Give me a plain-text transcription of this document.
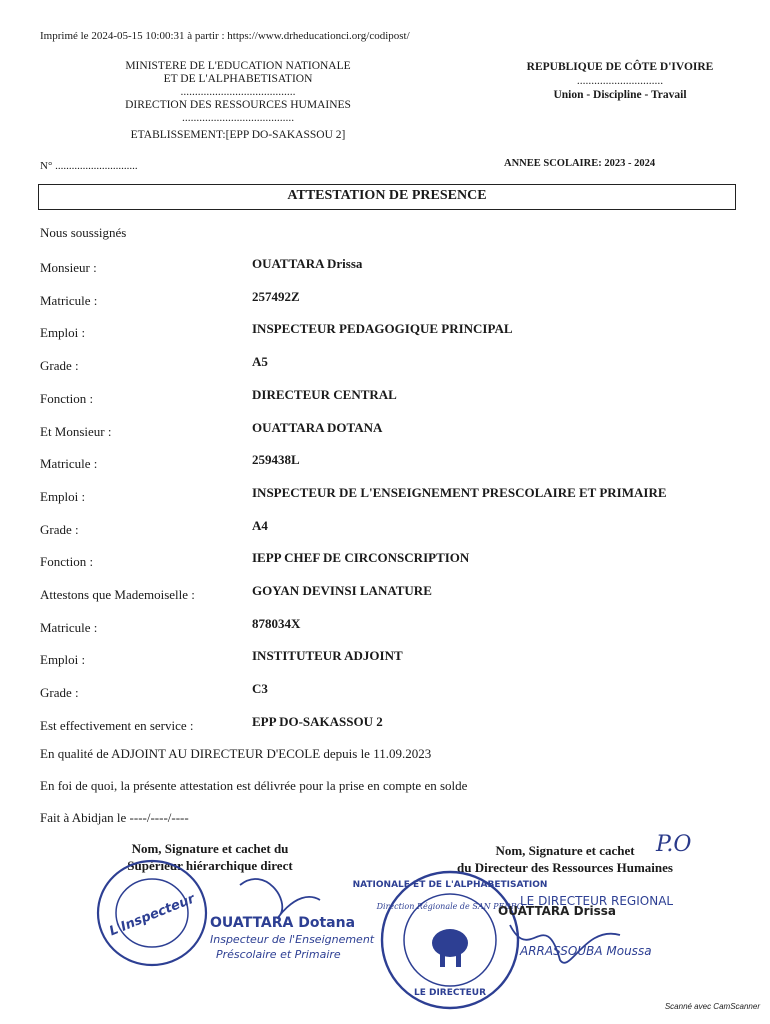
Imprimé le 2024-05-15 10:00:31 à partir : https://www.drheducationci.org/codipost/
MINISTERE DE L'EDUCATION NATIONALE
ET DE L'ALPHABETISATION
........................................
DIRECTION DES RESSOURCES HUMAINES
.......................................
ETABLISSEMENT:[EPP DO-SAKASSOU 2]
REPUBLIQUE DE CÔTE D'IVOIRE
..............................
Union - Discipline - Travail
N° ..............................	ANNEE SCOLAIRE: 2023 - 2024
ATTESTATION DE PRESENCE
Nous soussignés
Monsieur :	OUATTARA Drissa
Matricule :	257492Z
Emploi :	INSPECTEUR PEDAGOGIQUE PRINCIPAL
Grade :	A5
Fonction :	DIRECTEUR CENTRAL
Et Monsieur :	OUATTARA DOTANA
Matricule :	259438L
Emploi :	INSPECTEUR DE L'ENSEIGNEMENT PRESCOLAIRE ET PRIMAIRE
Grade :	A4
Fonction :	IEPP CHEF DE CIRCONSCRIPTION
Attestons que Mademoiselle :	GOYAN DEVINSI LANATURE
Matricule :	878034X
Emploi :	INSTITUTEUR ADJOINT
Grade :	C3
Est effectivement en service :	EPP DO-SAKASSOU 2
En qualité de ADJOINT AU DIRECTEUR D'ECOLE depuis le 11.09.2023
En foi de quoi, la présente attestation est délivrée pour la prise en compte en solde
Fait à Abidjan le ----/----/----
Nom, Signature et cachet du
Supérieur hiérarchique direct
Nom, Signature et cachet
du Directeur des Ressources Humaines
P.O
L'Inspecteur OUATTARA Dotana
Inspecteur de l'Enseignement
Préscolaire et Primaire
NATIONALE ET DE L'ALPHABETISATION
Direction Régionale de SAN PEDRO
LE DIRECTEUR
OUATTARA Drissa
LE DIRECTEUR REGIONAL
ARRASSOUBA Moussa
Scanné avec CamScanner
